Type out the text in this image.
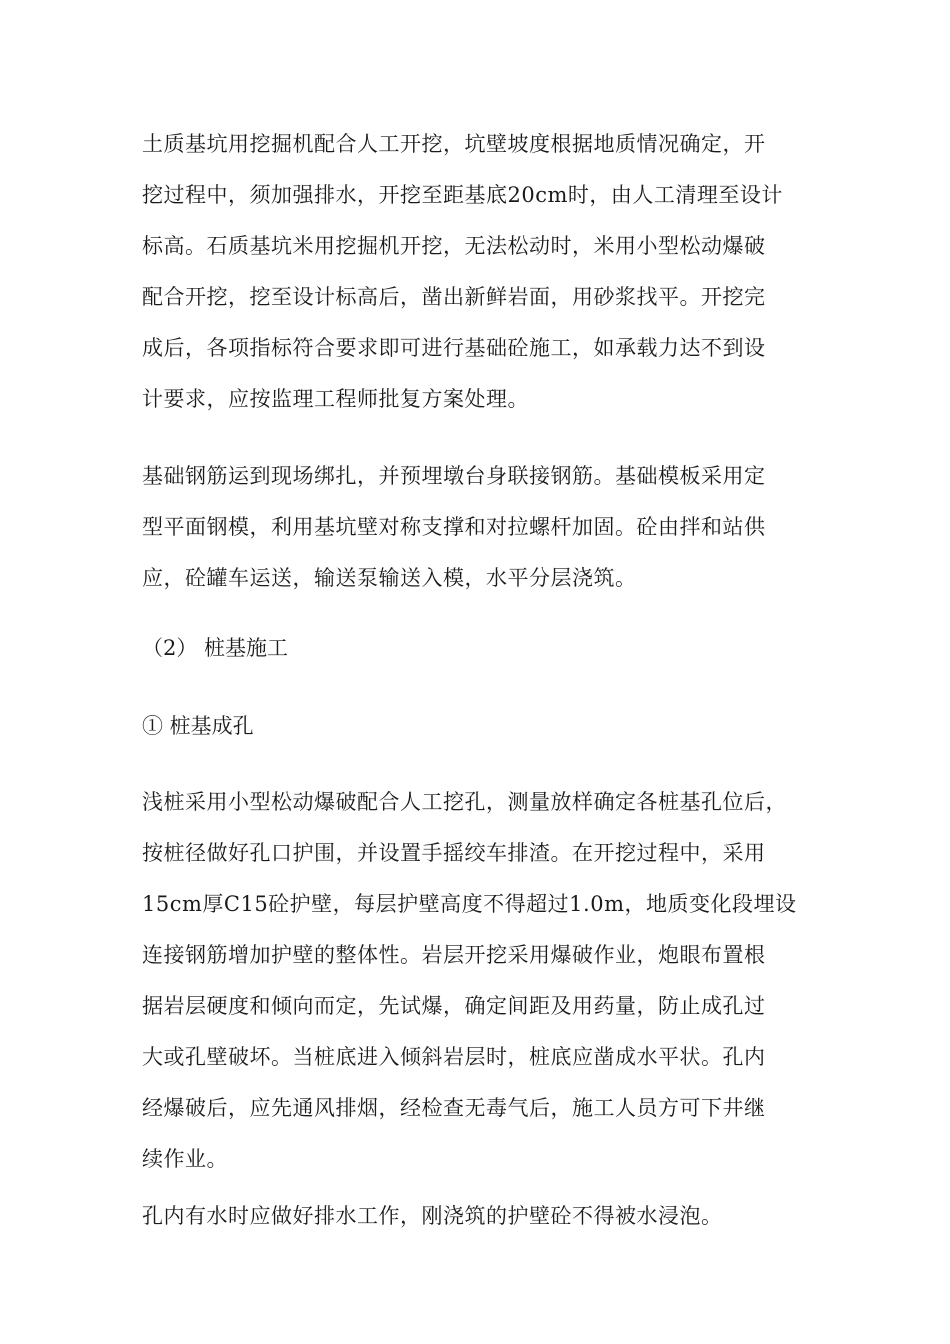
土质基坑用挖掘机配合人工开挖，坑壁坡度根据地质情况确定，开
挖过程中，须加强排水，开挖至距基底20cm时，由人工清理至设计
标高。石质基坑米用挖掘机开挖，无法松动时，米用小型松动爆破
配合开挖，挖至设计标高后，凿出新鲜岩面，用砂浆找平。开挖完
成后，各项指标符合要求即可进行基础砼施工，如承载力达不到设
计要求，应按监理工程师批复方案处理。
基础钢筋运到现场绑扎，并预埋墩台身联接钢筋。基础模板采用定
型平面钢模，利用基坑壁对称支撑和对拉螺杆加固。砼由拌和站供
应，砼罐车运送，输送泵输送入模，水平分层浇筑。
（2） 桩基施工
① 桩基成孔
浅桩采用小型松动爆破配合人工挖孔，测量放样确定各桩基孔位后，
按桩径做好孔口护围，并设置手摇绞车排渣。在开挖过程中，采用
15cm厚C15砼护壁，每层护壁高度不得超过1.0m，地质变化段埋设
连接钢筋增加护壁的整体性。岩层开挖采用爆破作业，炮眼布置根
据岩层硬度和倾向而定，先试爆，确定间距及用药量，防止成孔过
大或孔壁破坏。当桩底进入倾斜岩层时，桩底应凿成水平状。孔内
经爆破后，应先通风排烟，经检查无毒气后，施工人员方可下井继
续作业。
孔内有水时应做好排水工作，刚浇筑的护壁砼不得被水浸泡。
